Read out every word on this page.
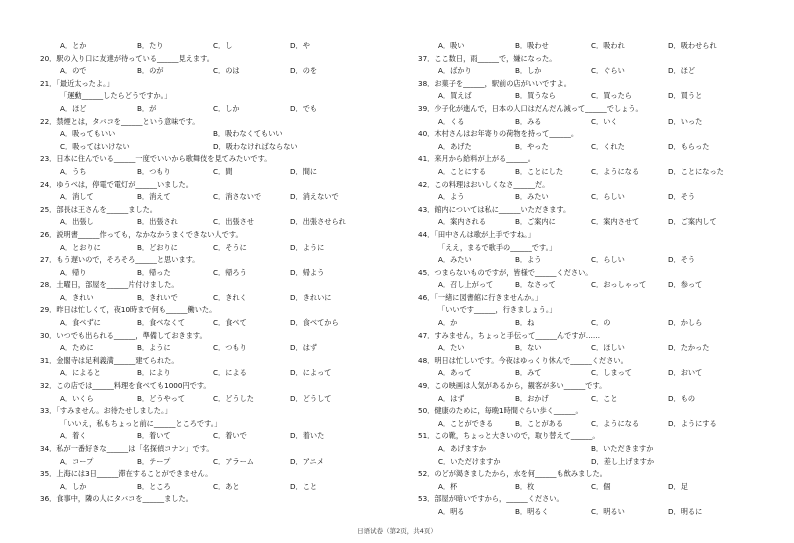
A．とか	B．たり	C．し	D．や
20．駅の入り口に友達が待っている______見えます。
A．ので	B．のが	C．のは	D．のを
21．「最近太ったよ。」
「運動______したらどうですか。」
A．ほど	B．が	C．しか	D．でも
22．禁煙とは，タバコを______という意味です。
A．吸ってもいい	B．吸わなくてもいい
C．吸ってはいけない	D．吸わなければならない
23．日本に住んでいる______一度でいいから歌舞伎を見てみたいです。
A．うち	B．つもり	C．間	D．間に
24．ゆうべは，停電で電灯が______いました。
A．消して	B．消えて	C．消さないで	D．消えないで
25．部長は王さんを______ました。
A．出張し	B．出張され	C．出張させ	D．出張させられ
26．説明書______作っても，なかなかうまくできない人です。
A．とおりに	B．どおりに	C．そうに	D．ように
27．もう遅いので，そろそろ______と思います。
A．帰り	B．帰った	C．帰ろう	D．帰よう
28．土曜日，部屋を______片付けました。
A．きれい	B．きれいで	C．きれく	D．きれいに
29．昨日は忙しくて，夜10時まで何も______働いた。
A．食べずに	B．食べなくて	C．食べて	D．食べてから
30．いつでも出られる______，準備しておきます。
A．ために	B．ように	C．つもり	D．はず
31．金閣寺は足利義満______建てられた。
A．によると	B．により	C．による	D．によって
32．この店では______料理を食べても1000円です。
A．いくら	B．どうやって	C．どうした	D．どうして
33．「すみません。お待たせしました。」
「いいえ，私もちょっと前に______ところです。」
A．着く	B．着いて	C．着いで	D．着いた
34．私が一番好きな______は「名探偵コナン」です。
A．コープ	B．テープ	C．アラーム	D．アニメ
35．上海には3日______滞在することができません。
A．しか	B．ところ	C．あと	D．こと
36．食事中，隣の人にタバコを______ました。
A．吸い	B．吸わせ	C．吸われ	D．吸わせられ
37．ここ数日，雨______で，嫌になった。
A．ばかり	B．しか	C．ぐらい	D．ほど
38．お菓子を______，駅前の店がいいですよ。
A．買えば	B．買うなら	C．買ったら	D．買うと
39．少子化が進んで，日本の人口はだんだん減って______でしょう。
A．くる	B．みる	C．いく	D．いった
40．木村さんはお年寄りの荷物を持って______。
A．あげた	B．やった	C．くれた	D．もらった
41．来月から給料が上がる______。
A．ことにする	B．ことにした	C．ようになる	D．ことになった
42．この料理はおいしくなさ______だ。
A．よう	B．みたい	C．らしい	D．そう
43．館内については私に______いただきます。
A．案内される	B．ご案内に	C．案内させて	D．ご案内して
44．「田中さんは歌が上手ですね。」
「ええ，まるで歌手の______です。」
A．みたい	B．よう	C．らしい	D．そう
45．つまらないものですが，皆様で______ください。
A．召し上がって	B．なさって	C．おっしゃって	D．参って
46．「一緒に図書館に行きませんか。」
「いいです______，行きましょう。」
A．か	B．ね	C．の	D．かしら
47．すみません，ちょっと手伝って______んですが……
A．たい	B．ない	C．ほしい	D．たかった
48．明日は忙しいです。今夜はゆっくり休んで______ください。
A．あって	B．みて	C．しまって	D．おいて
49．この映画は人気があるから，観客が多い______です。
A．はず	B．おかげ	C．こと	D．もの
50．健康のために，毎晩1時間ぐらい歩く______。
A．ことができる	B．ことがある	C．ようになる	D．ようにする
51．この靴，ちょっと大きいので，取り替えて______。
A．あげますか	B．いただきますか
C．いただけますか	D．差し上げますか
52．のどが渇きましたから，水を何______も飲みました。
A．杯	B．枚	C．個	D．足
53．部屋が暗いですから，______ください。
A．明る	B．明るく	C．明るい	D．明るに
日语试卷（第2页，共4页）
